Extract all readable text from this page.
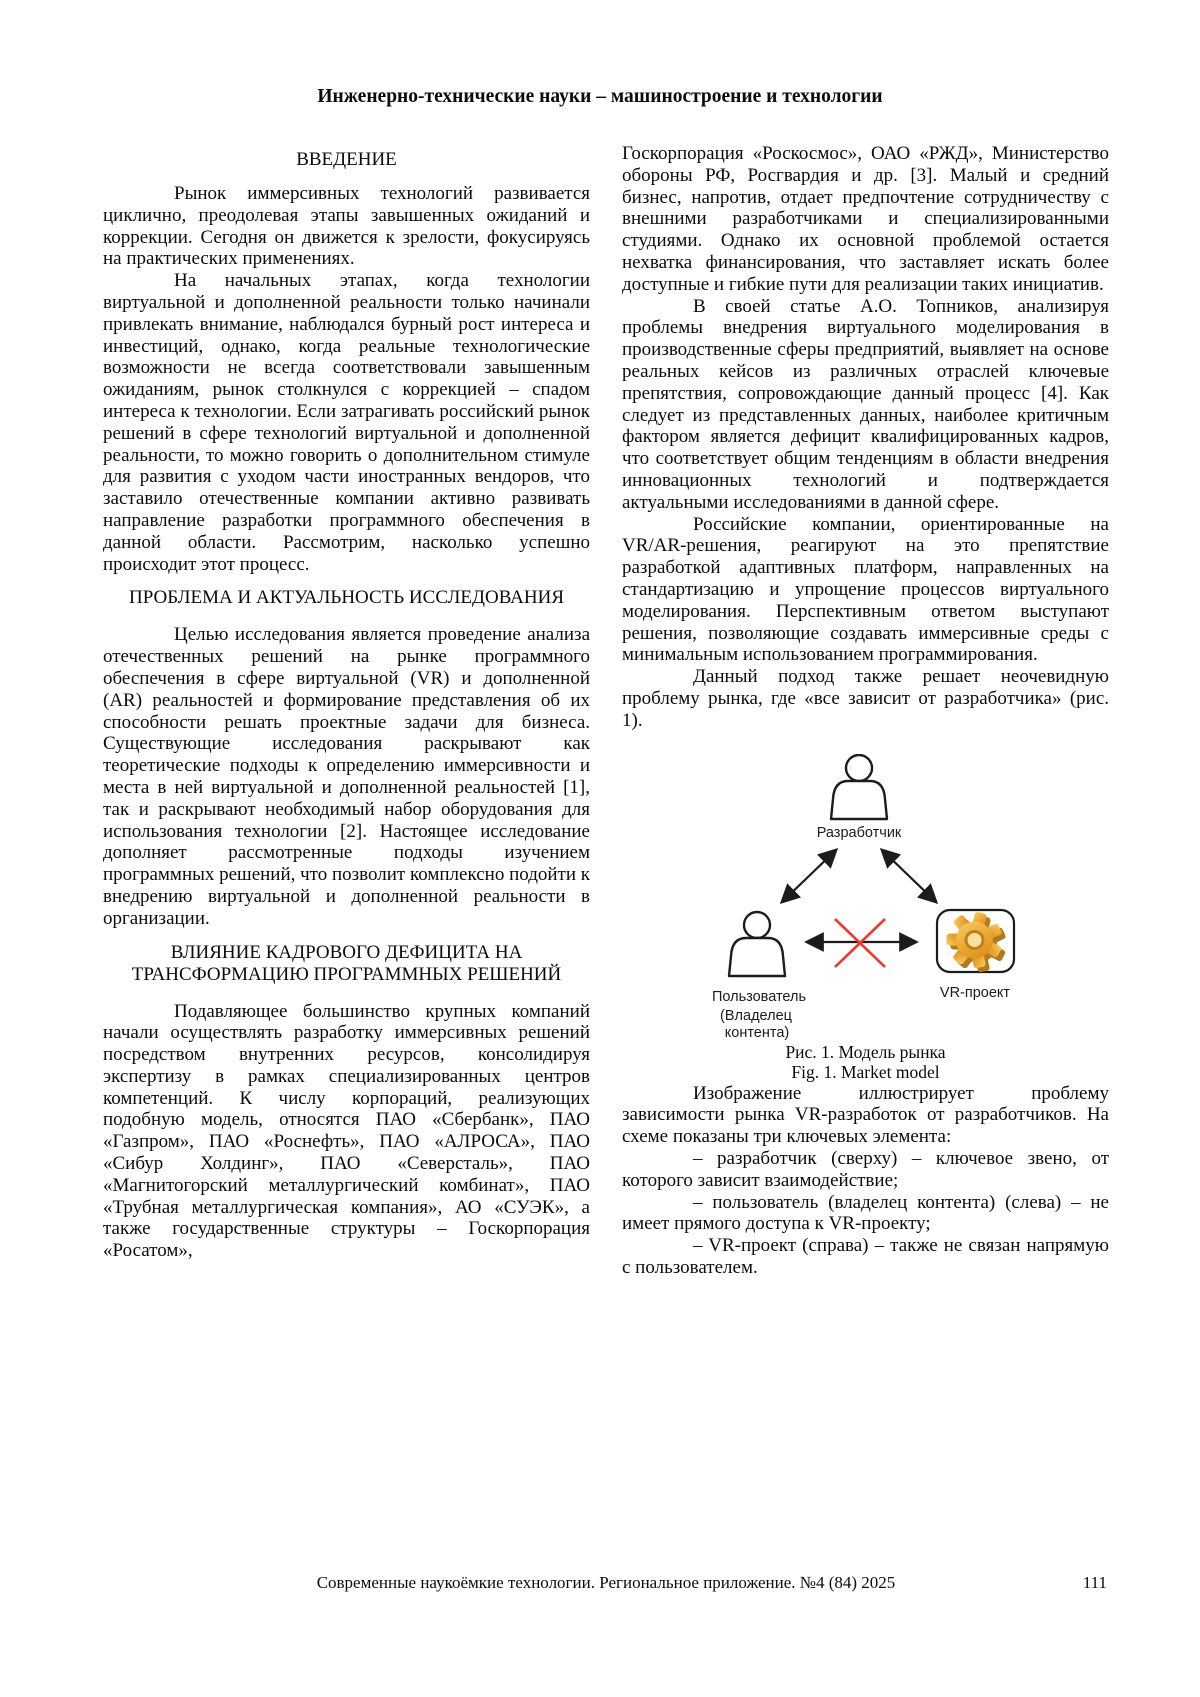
Инженерно-технические науки – машиностроение и технологии
ВВЕДЕНИЕ

Рынок иммерсивных технологий развивается циклично, преодолевая этапы завышенных ожиданий и коррекции. Сегодня он движется к зрелости, фокусируясь на практических применениях.

На начальных этапах, когда технологии виртуальной и дополненной реальности только начинали привлекать внимание, наблюдался бурный рост интереса и инвестиций, однако, когда реальные технологические возможности не всегда соответствовали завышенным ожиданиям, рынок столкнулся с коррекцией – спадом интереса к технологии. Если затрагивать российский рынок решений в сфере технологий виртуальной и дополненной реальности, то можно говорить о дополнительном стимуле для развития с уходом части иностранных вендоров, что заставило отечественные компании активно развивать направление разработки программного обеспечения в данной области. Рассмотрим, насколько успешно происходит этот процесс.

ПРОБЛЕМА И АКТУАЛЬНОСТЬ ИССЛЕДОВАНИЯ

Целью исследования является проведение анализа отечественных решений на рынке программного обеспечения в сфере виртуальной (VR) и дополненной (AR) реальностей и формирование представления об их способности решать проектные задачи для бизнеса. Существующие исследования раскрывают как теоретические подходы к определению иммерсивности и места в ней виртуальной и дополненной реальностей [1], так и раскрывают необходимый набор оборудования для использования технологии [2]. Настоящее исследование дополняет рассмотренные подходы изучением программных решений, что позволит комплексно подойти к внедрению виртуальной и дополненной реальности в организации.

ВЛИЯНИЕ КАДРОВОГО ДЕФИЦИТА НА ТРАНСФОРМАЦИЮ ПРОГРАММНЫХ РЕШЕНИЙ

Подавляющее большинство крупных компаний начали осуществлять разработку иммерсивных решений посредством внутренних ресурсов, консолидируя экспертизу в рамках специализированных центров компетенций. К числу корпораций, реализующих подобную модель, относятся ПАО «Сбербанк», ПАО «Газпром», ПАО «Роснефть», ПАО «АЛРОСА», ПАО «Сибур Холдинг», ПАО «Северсталь», ПАО «Магнитогорский металлургический комбинат», ПАО «Трубная металлургическая компания», АО «СУЭК», а также государственные структуры – Госкорпорация «Росатом»,

Госкорпорация «Роскосмос», ОАО «РЖД», Министерство обороны РФ, Росгвардия и др. [3]. Малый и средний бизнес, напротив, отдает предпочтение сотрудничеству с внешними разработчиками и специализированными студиями. Однако их основной проблемой остается нехватка финансирования, что заставляет искать более доступные и гибкие пути для реализации таких инициатив.

В своей статье А.О. Топников, анализируя проблемы внедрения виртуального моделирования в производственные сферы предприятий, выявляет на основе реальных кейсов из различных отраслей ключевые препятствия, сопровождающие данный процесс [4]. Как следует из представленных данных, наиболее критичным фактором является дефицит квалифицированных кадров, что соответствует общим тенденциям в области внедрения инновационных технологий и подтверждается актуальными исследованиями в данной сфере.

Российские компании, ориентированные на VR/AR-решения, реагируют на это препятствие разработкой адаптивных платформ, направленных на стандартизацию и упрощение процессов виртуального моделирования. Перспективным ответом выступают решения, позволяющие создавать иммерсивные среды с минимальным использованием программирования.

Данный подход также решает неочевидную проблему рынка, где «все зависит от разработчика» (рис. 1).

Разработчик
Пользователь
(Владелец
контента)
VR-проект
Рис. 1. Модель рынка
Fig. 1. Market model

Изображение иллюстрирует проблему зависимости рынка VR-разработок от разработчиков. На схеме показаны три ключевых элемента:

– разработчик (сверху) – ключевое звено, от которого зависит взаимодействие;

– пользователь (владелец контента) (слева) – не имеет прямого доступа к VR-проекту;

– VR-проект (справа) – также не связан напрямую с пользователем.

Современные наукоёмкие технологии. Региональное приложение. №4 (84) 2025	111
